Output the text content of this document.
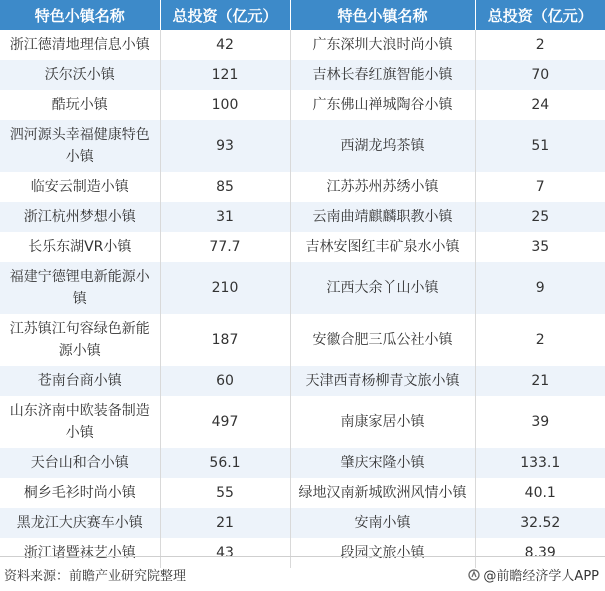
特色小镇名称	总投资（亿元）	特色小镇名称	总投资（亿元）
浙江德清地理信息小镇	42	广东深圳大浪时尚小镇	2
沃尔沃小镇	121	吉林长春红旗智能小镇	70
酷玩小镇	100	广东佛山禅城陶谷小镇	24
泗河源头幸福健康特色小镇	93	西湖龙坞茶镇	51
临安云制造小镇	85	江苏苏州苏绣小镇	7
浙江杭州梦想小镇	31	云南曲靖麒麟职教小镇	25
长乐东湖VR小镇	77.7	吉林安图红丰矿泉水小镇	35
福建宁德锂电新能源小镇	210	江西大余丫山小镇	9
江苏镇江句容绿色新能源小镇	187	安徽合肥三瓜公社小镇	2
苍南台商小镇	60	天津西青杨柳青文旅小镇	21
山东济南中欧装备制造小镇	497	南康家居小镇	39
天台山和合小镇	56.1	肇庆宋隆小镇	133.1
桐乡毛衫时尚小镇	55	绿地汉南新城欧洲风情小镇	40.1
黑龙江大庆赛车小镇	21	安南小镇	32.52
浙江诸暨袜艺小镇	43	段园文旅小镇	8.39
资料来源：前瞻产业研究院整理	@前瞻经济学人APP
